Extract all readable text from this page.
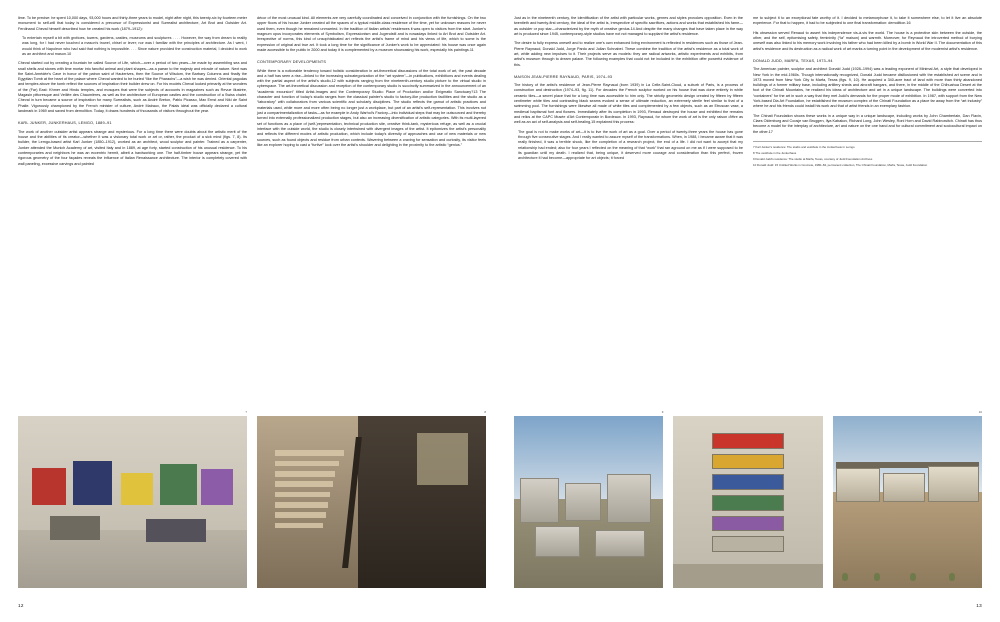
lime. To be precise: he spent 10,000 days, 93,000 hours and thirty-three years to model, night after night, this twenty-six by fourteen meter monument to self-will that today is considered a precursor of Expressionist and Surrealist architecture, Art Brut and Outsider Art. Ferdinand Cheval himself described how he created his work (1879–1912):

To entertain myself a bit with grottoes, towers, gardens, castles, museums and sculptures . . . . However, the way from dream to reality was long, for I had never touched a mason's trowel, chisel or lever; nor was I familiar with the principles of architecture. As I went, I would think of Napoleon who had said that nothing is impossible. . . . Since nature provided the construction material, I decided to work as an architect and mason.10

Cheval started out by creating a fountain he called Source of Life, which—over a period of two years—he made by assembling sea and snail shells and stones with lime mortar into fanciful animal and plant shapes—as a paean to the majesty and miracle of nature. Next was the Saint-Amédée's Cave in honor of the patron saint of Hauterives, then the Source of Wisdom, the Barbary Columns and finally the Egyptian Tomb at the heart of the palace where Cheval wanted to be buried “like the Pharaohs”—a wish he was denied. Oriental pagodas and temples above the tomb reflect the sources of inspiration their builder drew on. For his models Cheval looked primarily at the wonders of the (Far) East: Khmer and Hindu temples, and mosques that were the subjects of accounts in magazines such as Revue illustrée, Magasin pittoresque and Veillée des Chaumières, as well as the architecture of European castles and the construction of a Swiss chalet. Cheval in turn became a source of inspiration for many Surrealists, such as André Breton, Pablo Picasso, Max Ernst and Niki de Saint Phalle. Vigorously championed by the French minister of culture, André Malraux, the Palais idéal was officially declared a cultural landmark in 1969 and saved from demolition. Today, it draws hundreds of thousands of visitors throughout the year.

KARL JUNKER, JUNKERHAUS, LEMGO, 1889–91

The work of another outsider artist appears strange and mysterious. For a long time there were doubts about the artistic merit of the house and the abilities of its creator—whether it was a visionary total work or art or, rather, the product of a sick mind (figs. 7, 8). Its builder, the Lemgo-based artist Karl Junker (1850–1912), worked as an architect, wood sculptor and painter. Trained as a carpenter, Junker attended the Munich Academy of art, visited Italy and in 1889, at age forty, started construction of his unusual residence. To his contemporaries and neighbors he was an eccentric hermit, albeit a hardworking one. The half-timber house appears strange, yet the rigorous geometry of the four façades reveals the influence of Italian Renaissance architecture. The interior is completely covered with wall paneling, excessive carvings and painted

décor of the most unusual kind. All elements are very carefully coordinated and conceived in conjunction with the furnishings. On the two upper floors of his house Junker created all the spaces of a typical middle-class residence of the time, yet for unknown reasons he never used them, even though he remained unmarried. In the tradition of Italian artists' residences it was open to visitors from the start. Junker's magnum opus incorporates elements of Symbolism, Expressionism and Jugendstil and is nowadays linked to Art Brut and Outsider Art. Irrespective of norms, this kind of unsophisticated art reflects the artist's frame of mind and his views of life, which to some is the expression of original and true art. It took a long time for the significance of Junker's work to be appreciated: his house was once again made accessible to the public in 2000 and today it is complemented by a museum showcasing his work, especially his paintings.11

CONTEMPORARY DEVELOPMENTS

While there is a noticeable tendency toward holistic consideration in art-theoretical discussions of the total work of art, the past decade and a half has seen a rise—linked to the increasing subcategorization of the “art system”—in publications, exhibitions and events dealing with the partial aspect of the artist's studio,12 with subjects ranging from the nineteenth-century studio picture to the virtual studio in cyberspace. The art-theoretical discussion and reception of the contemporary studio is succinctly summarized in the announcement of an “academic excursion” titled Artist-Images and the Contemporary Studio: Place of Production and/or Enigmatic Sanctuary?13 The character and function of today's studio ranges from the classical painter's studio to factory-like production facilities and the studio as a “laboratory” with collaborators from various scientific and scholarly disciplines. The studio reflects the gamut of artistic practices and materials used, while more and more often being no longer just a workplace, but part of an artist's self-representation. This involves not just a compartmentalization of tasks—as for example in Andy Warhol's Factory—into individual steps that may be outsourced and thereby turned into externally professionalized production stages, but also an increasing diversification of artistic categories. With its multi-layered set of functions as a place of (self-)representation, technical production site, creative think-tank, mysterious refuge, as well as a crucial interface with the outside world, the studio is closely intertwined with divergent images of the artist. It epitomizes the artist's personality and reflects the different modes of artistic production, which include today's diversity of approaches and use of new materials or new sources, such as found objects and residue from urban contexts. Wavering between a craving for sensation and curiosity, its visitor feels like an explorer hoping to cast a “furtive” look over the artist's shoulder and delighting in the proximity to the artistic “genius.”

7	8
12

Just as in the nineteenth century, the identification of the artist with particular works, genres and styles provokes opposition. Even in the twentieth and twenty-first century, the ideal of the artist is, irrespective of specific sacrifices, actions and works that established his fame—as outsider or pop star—characterized by the myth of creative genius.14 And despite the many changes that have taken place in the way art is produced since 1945, contemporary-style studios have not not managed to supplant the artist's residence.

The desire to fully express oneself and to realize one's own enhanced living environment is reflected in residences such as those of Jean-Pierre Raynaud, Donald Judd, Jorge Pardo and Julian Schnabel. These combine the tradition of the artist's residence as a total work of art, while adding new impulses to it. Their projects serve as models: they are radical artworks, artistic experiments and exhibits, from artist's museum through to dream palace. The following examples that could not be included in the exhibition offer powerful evidence of this.

MAISON JEAN-PIERRE RAYNAUD, PARIS, 1974–93

The history of the artist's residence of Jean-Pierre Raynaud (born 1939) in La Celle-Saint-Cloud, a suburb of Paris, is a process of construction and destruction (1974–93, fig. 11). For decades the French sculptor worked on his house that was done entirely in white ceramic tiles—a secret place that for a long time was accessible to him only. The strictly geometric design created by fifteen by fifteen centimeter white tiles and contrasting black seams evoked a sense of ultimate reduction, an extremely sterile feel similar to that of a swimming pool. The furnishings were likewise all made of white tiles and complemented by a few objects, such as an Etruscan vase, a medieval baptismal font and flowers. Immediately after its completion in 1993, Renaud destroyed the house and exhibited the remains and relics at the CAPC Musée d'Art Contemporain in Bordeaux. In 1993, Raynaud, for whom the work of art is the only raison d'être as well as an act of self-analysis and self-healing,15 explained this process:

The goal is not to make works of art—it is to live the work of art as a goal. Over a period of twenty-three years the house has gone through five consecutive stages. And I really wanted to assure myself of the transformations. When, in 1988, I became aware that it was really finished, it was a terrible shock, like the completion of a research project, the end of a life. I did not want to accept that my relationship had ended; also for four years I reflected on the meaning of that “work” that ran aground on me as if I were supposed to be its guardian until my death. I realized that, being unique, it deserved more courage and consideration than this perfect, frozen architecture it had become—appropriate for art objects; it forced

me to subject it to an exceptional fate worthy of it. I decided to metamorphose it, to take it somewhere else, to let it live an absolute experience. For that to happen, it had to be subjected to one final transformation: demolition.16

His obsession served Renaud to assert his independence vis-à-vis the world. The house is a protective skin between the outside, the other, and the self, epitomising safety, femininity (“la” maison) and warmth. Moreover, for Reynaud the introverted method of burying oneself was also linked to his memory work involving his father who had been killed by a bomb in World War II. The documentation of this artist's residence and its destruction as a radical work of art marks a turning point in the development of the modernist artist's residence.

DONALD JUDD, MARFA, TEXAS, 1973–94

The American painter, sculptor and architect Donald Judd (1928–1994) was a leading exponent of Minimal Art, a style that developed in New York in the mid-1960s. Though internationally recognized, Donald Judd became disillusioned with the established art scene and in 1973 moved from New York City to Marfa, Texas (figs. 9, 10). He acquired a 340-acre tract of land with more than thirty abandoned buildings of a former military base, including artillery sheds and aircraft hangars, and there, in the middle of the Chihuahua Desert at the foot of the Chinati Mountains, he realized his ideas of architecture and art in a unique landscape. The buildings were converted into “containers” for the art in such a way that they met Judd's demands for the proper mode of exhibition. In 1987, with support from the New York-based Dia Art Foundation, he established the museum complex of the Chinati Foundation as a place far away from the “art industry” where he and his friends could install his work and that of artist friends in an exemplary fashion.

The Chinati Foundation shows these works in a unique way in a unique landscape, including works by John Chamberlain, Dan Flavin, Claes Oldenburg and Coosje van Bruggen, Ilya Kabakov, Richard Long, John Wesley, Roni Horn and David Rabinowitch. Chinati has thus become a model for the interplay of architecture, art and nature on the one hand and for cultural commitment and sociocultural impact on the other.17

7 Karl Junker's residence: The studio and vestibule in the Junkerhaus in Lemgo
8 The vestibule in the Junkerhaus
9 Donald Judd's residence: The studio at Marfa, Texas, courtesy of Judd Foundation Archives
10 Donald Judd: 15 Untitled Works in Concrete, 1980–84, permanent collection, The Chinati Foundation, Marfa, Texas, Judd Foundation
9	10
13
